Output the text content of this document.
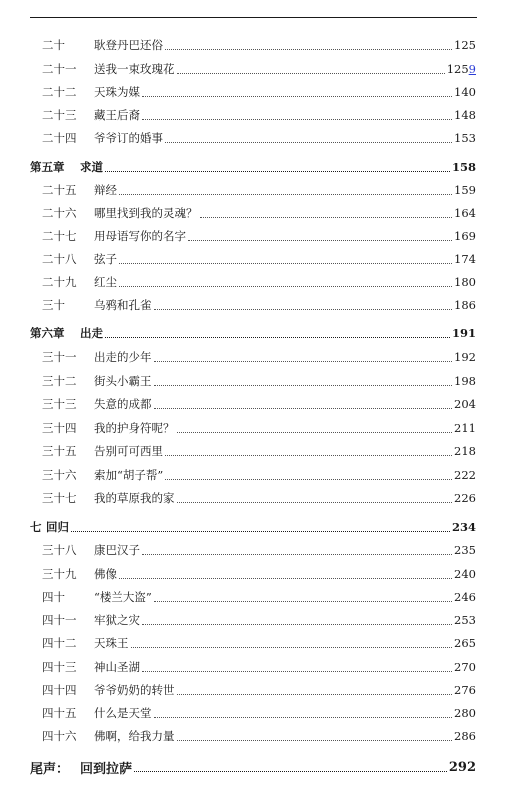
二十	耿登丹巴还俗	125
二十一 送我一束玫瑰花	1259
二十二 天珠为媒	140
二十三 藏王后裔	148
二十四 爷爷订的婚事	153
第五章 求道	158
二十五 辩经	159
二十六 哪里找到我的灵魂？	164
二十七 用母语写你的名字	169
二十八 弦子	174
二十九 红尘	180
三十	乌鸦和孔雀	186
第六章 出走	191
三十一 出走的少年	192
三十二 街头小霸王	198
三十三 失意的成都	204
三十四 我的护身符呢？	211
三十五 告别可可西里	218
三十六 索加“胡子帮”	222
三十七 我的草原我的家	226
七 回归	234
三十八 康巴汉子	235
三十九 佛像	240
四十	“楼兰大盗”	246
四十一 牢狱之灾	253
四十二 天珠王	265
四十三 神山圣湖	270
四十四 爷爷奶奶的转世	276
四十五 什么是天堂	280
四十六 佛啊，给我力量	286
尾声： 回到拉萨	292
